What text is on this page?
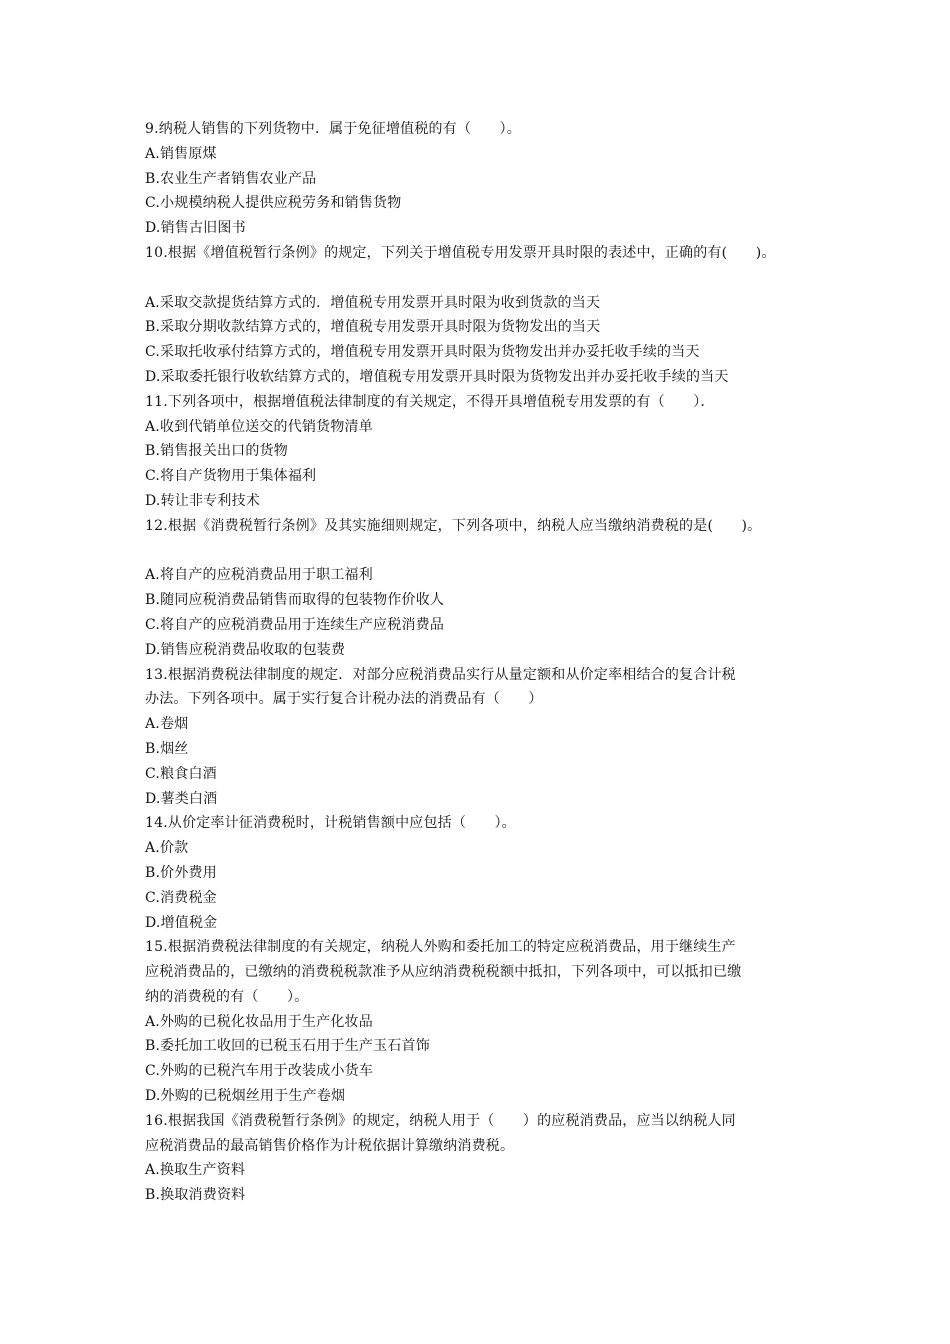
9.纳税人销售的下列货物中．属于免征增值税的有（　　）。
A.销售原煤
B.农业生产者销售农业产品
C.小规模纳税人提供应税劳务和销售货物
D.销售古旧图书
10.根据《增值税暂行条例》的规定，下列关于增值税专用发票开具时限的表述中，正确的有(　　)。
A.采取交款提货结算方式的．增值税专用发票开具时限为收到货款的当天
B.采取分期收款结算方式的，增值税专用发票开具时限为货物发出的当天
C.采取托收承付结算方式的，增值税专用发票开具时限为货物发出并办妥托收手续的当天
D.采取委托银行收软结算方式的，增值税专用发票开具时限为货物发出并办妥托收手续的当天
11.下列各项中，根据增值税法律制度的有关规定，不得开具增值税专用发票的有（　　）．
A.收到代销单位送交的代销货物清单
B.销售报关出口的货物
C.将自产货物用于集体福利
D.转让非专利技术
12.根据《消费税暂行条例》及其实施细则规定，下列各项中，纳税人应当缴纳消费税的是(　　)。
A.将自产的应税消费品用于职工福利
B.随同应税消费品销售而取得的包装物作价收人
C.将自产的应税消费品用于连续生产应税消费品
D.销售应税消费品收取的包装费
13.根据消费税法律制度的规定．对部分应税消费品实行从量定额和从价定率相结合的复合计税
办法。下列各项中。属于实行复合计税办法的消费品有（　　）
A.卷烟
B.烟丝
C.粮食白酒
D.薯类白酒
14.从价定率计征消费税时，计税销售额中应包括（　　）。
A.价款
B.价外费用
C.消费税金
D.增值税金
15.根据消费税法律制度的有关规定，纳税人外购和委托加工的特定应税消费品，用于继续生产
应税消费品的，已缴纳的消费税税款准予从应纳消费税税额中抵扣，下列各项中，可以抵扣已缴
纳的消费税的有（　　）。
A.外购的已税化妆品用于生产化妆品
B.委托加工收回的已税玉石用于生产玉石首饰
C.外购的已税汽车用于改装成小货车
D.外购的已税烟丝用于生产卷烟
16.根据我国《消费税暂行条例》的规定，纳税人用于（　　）的应税消费品，应当以纳税人同
应税消费品的最高销售价格作为计税依据计算缴纳消费税。
A.换取生产资料
B.换取消费资料
